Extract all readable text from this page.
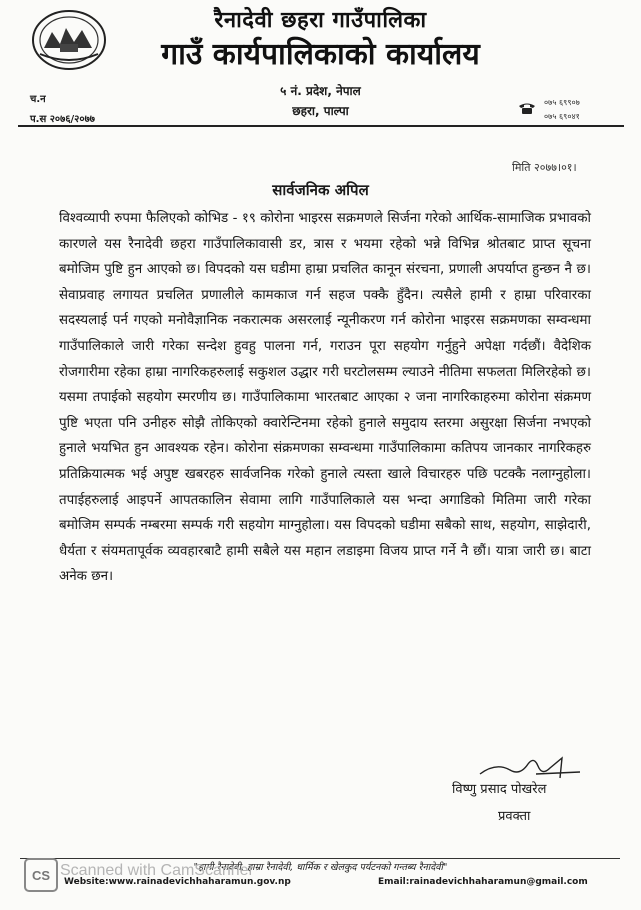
रैनादेवी छहरा गाउँपालिका
गाउँ कार्यपालिकाको कार्यालय
५ नं. प्रदेश, नेपाल
छहरा, पाल्पा
च.न
प.स २०७६/२०७७
०७५ ६९९०७
०७५ ६९०४१
मिति २०७७।०१।
सार्वजनिक अपिल
विश्वव्यापी रुपमा फैलिएको कोभिड - १९ कोरोना भाइरस सक्रमणले सिर्जना गरेको आर्थिक-सामाजिक प्रभावको कारणले यस रैनादेवी छहरा गाउँपालिकावासी डर, त्रास र भयमा रहेको भन्ने विभिन्न श्रोतबाट प्राप्त सूचना बमोजिम पुष्टि हुन आएको छ। विपदको यस घडीमा हाम्रा प्रचलित कानून संरचना, प्रणाली अपर्याप्त हुन्छन नै छ। सेवाप्रवाह लगायत प्रचलित प्रणालीले कामकाज गर्न सहज पक्कै हुँदैन। त्यसैले हामी र हाम्रा परिवारका सदस्यलाई पर्न गएको मनोवैज्ञानिक नकरात्मक असरलाई न्यूनीकरण गर्न कोरोना भाइरस सक्रमणका सम्वन्धमा गाउँपालिकाले जारी गरेका सन्देश हुवहु पालना गर्न, गराउन पूरा सहयोग गर्नुहुने अपेक्षा गर्दछौं। वैदेशिक रोजगारीमा रहेका हाम्रा नागरिकहरुलाई सकुशल उद्धार गरी घरटोलसम्म ल्याउने नीतिमा सफलता मिलिरहेको छ। यसमा तपाईको सहयोग स्मरणीय छ। गाउँपालिकामा भारतबाट आएका २ जना नागरिकाहरुमा कोरोना संक्रमण पुष्टि भएता पनि उनीहरु सोझै तोकिएको क्वारेन्टिनमा रहेको हुनाले समुदाय स्तरमा असुरक्षा सिर्जना नभएको हुनाले भयभित हुन आवश्यक रहेन। कोरोना संक्रमणका सम्वन्धमा गाउँपालिकामा कतिपय जानकार नागरिकहरु प्रतिक्रियात्मक भई अपुष्ट खबरहरु सार्वजनिक गरेको हुनाले त्यस्ता खाले विचारहरु पछि पटक्कै नलाग्नुहोला। तपाईहरुलाई आइपर्ने आपतकालिन सेवामा लागि गाउँपालिकाले यस भन्दा अगाडिको मितिमा जारी गरेका बमोजिम सम्पर्क नम्बरमा सम्पर्क गरी सहयोग माग्नुहोला। यस विपदको घडीमा सबैको साथ, सहयोग, साझेदारी, धैर्यता र संयमतापूर्वक व्यवहारबाटै हामी सबैले यस महान लडाइमा विजय प्राप्त गर्ने नै छौं। यात्रा जारी छ। बाटा अनेक छन।
विष्णु प्रसाद पोखरेल
प्रवक्ता
"हामी रैनादेवी, हाम्रा रैनादेवी, धार्मिक र खेलकुद पर्यटनको गन्तब्य रैनादेवी"
Website:www.rainadevichhaharamun.gov.np	Email:rainadevichhaharamun@gmail.com
CS Scanned with CamScanner
